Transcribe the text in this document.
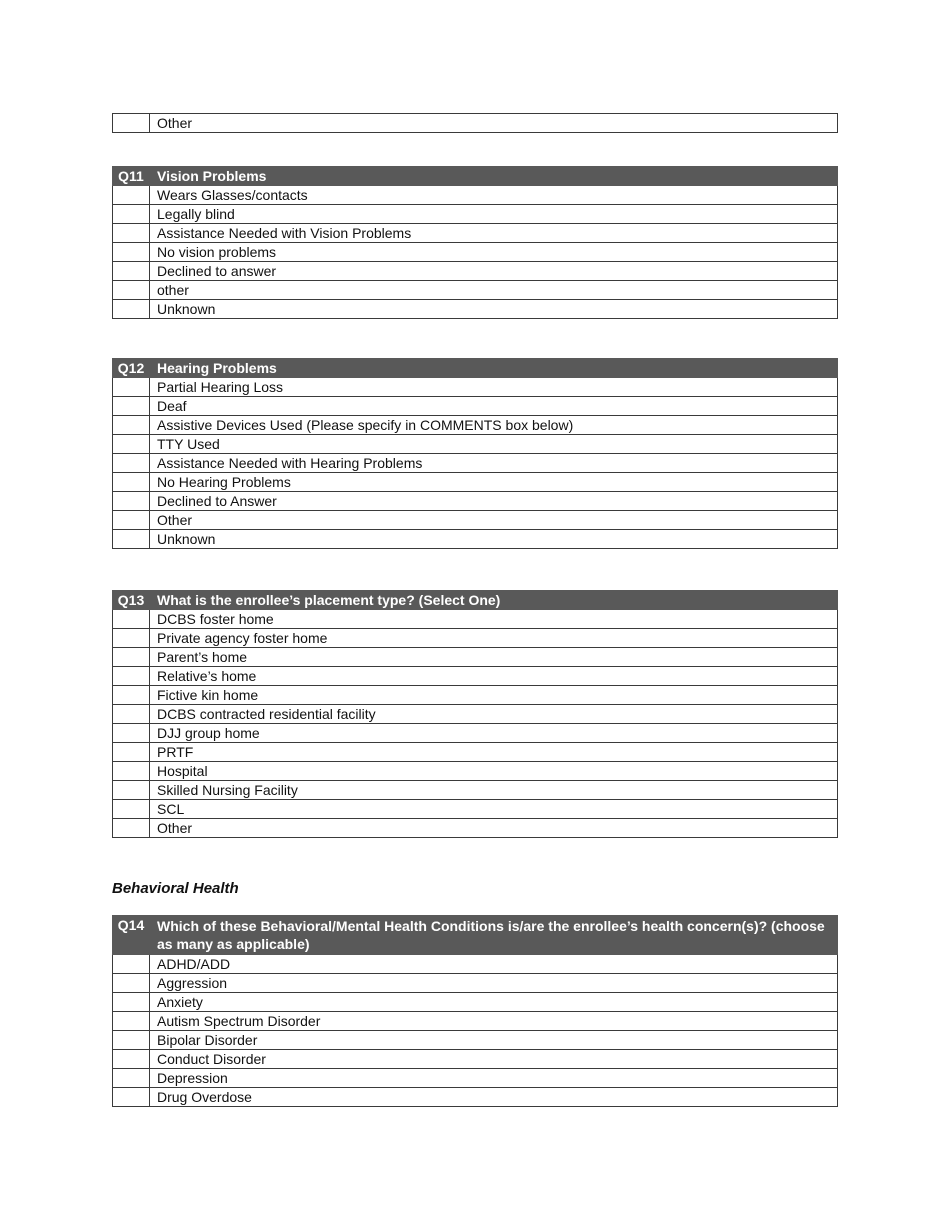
	Other
Q11	Vision Problems
	Wears Glasses/contacts
	Legally blind
	Assistance Needed with Vision Problems
	No vision problems
	Declined to answer
	other
	Unknown
Q12	Hearing Problems
	Partial Hearing Loss
	Deaf
	Assistive Devices Used (Please specify in COMMENTS box below)
	TTY Used
	Assistance Needed with Hearing Problems
	No Hearing Problems
	Declined to Answer
	Other
	Unknown
Q13	What is the enrollee’s placement type? (Select One)
	DCBS foster home
	Private agency foster home
	Parent’s home
	Relative’s home
	Fictive kin home
	DCBS contracted residential facility
	DJJ group home
	PRTF
	Hospital
	Skilled Nursing Facility
	SCL
	Other
Behavioral Health
Q14	Which of these Behavioral/Mental Health Conditions is/are the enrollee’s health concern(s)? (choose as many as applicable)
	ADHD/ADD
	Aggression
	Anxiety
	Autism Spectrum Disorder
	Bipolar Disorder
	Conduct Disorder
	Depression
	Drug Overdose
